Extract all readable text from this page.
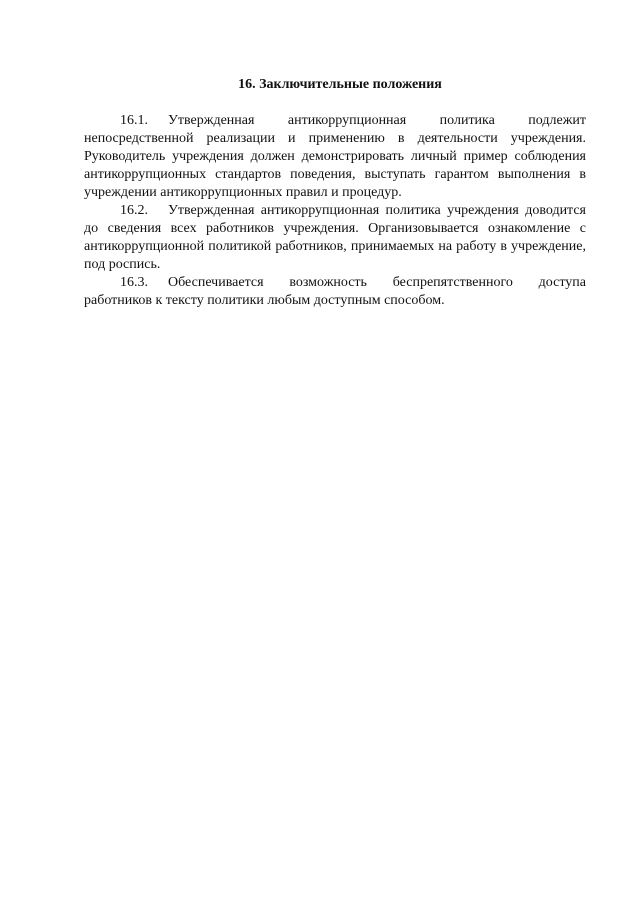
16. Заключительные положения

16.1. Утвержденная антикоррупционная политика подлежит непосредственной реализации и применению в деятельности учреждения. Руководитель учреждения должен демонстрировать личный пример соблюдения антикоррупционных стандартов поведения, выступать гарантом выполнения в учреждении антикоррупционных правил и процедур.

16.2. Утвержденная антикоррупционная политика учреждения доводится до сведения всех работников учреждения. Организовывается ознакомление с антикоррупционной политикой работников, принимаемых на работу в учреждение, под роспись.

16.3. Обеспечивается возможность беспрепятственного доступа работников к тексту политики любым доступным способом.
